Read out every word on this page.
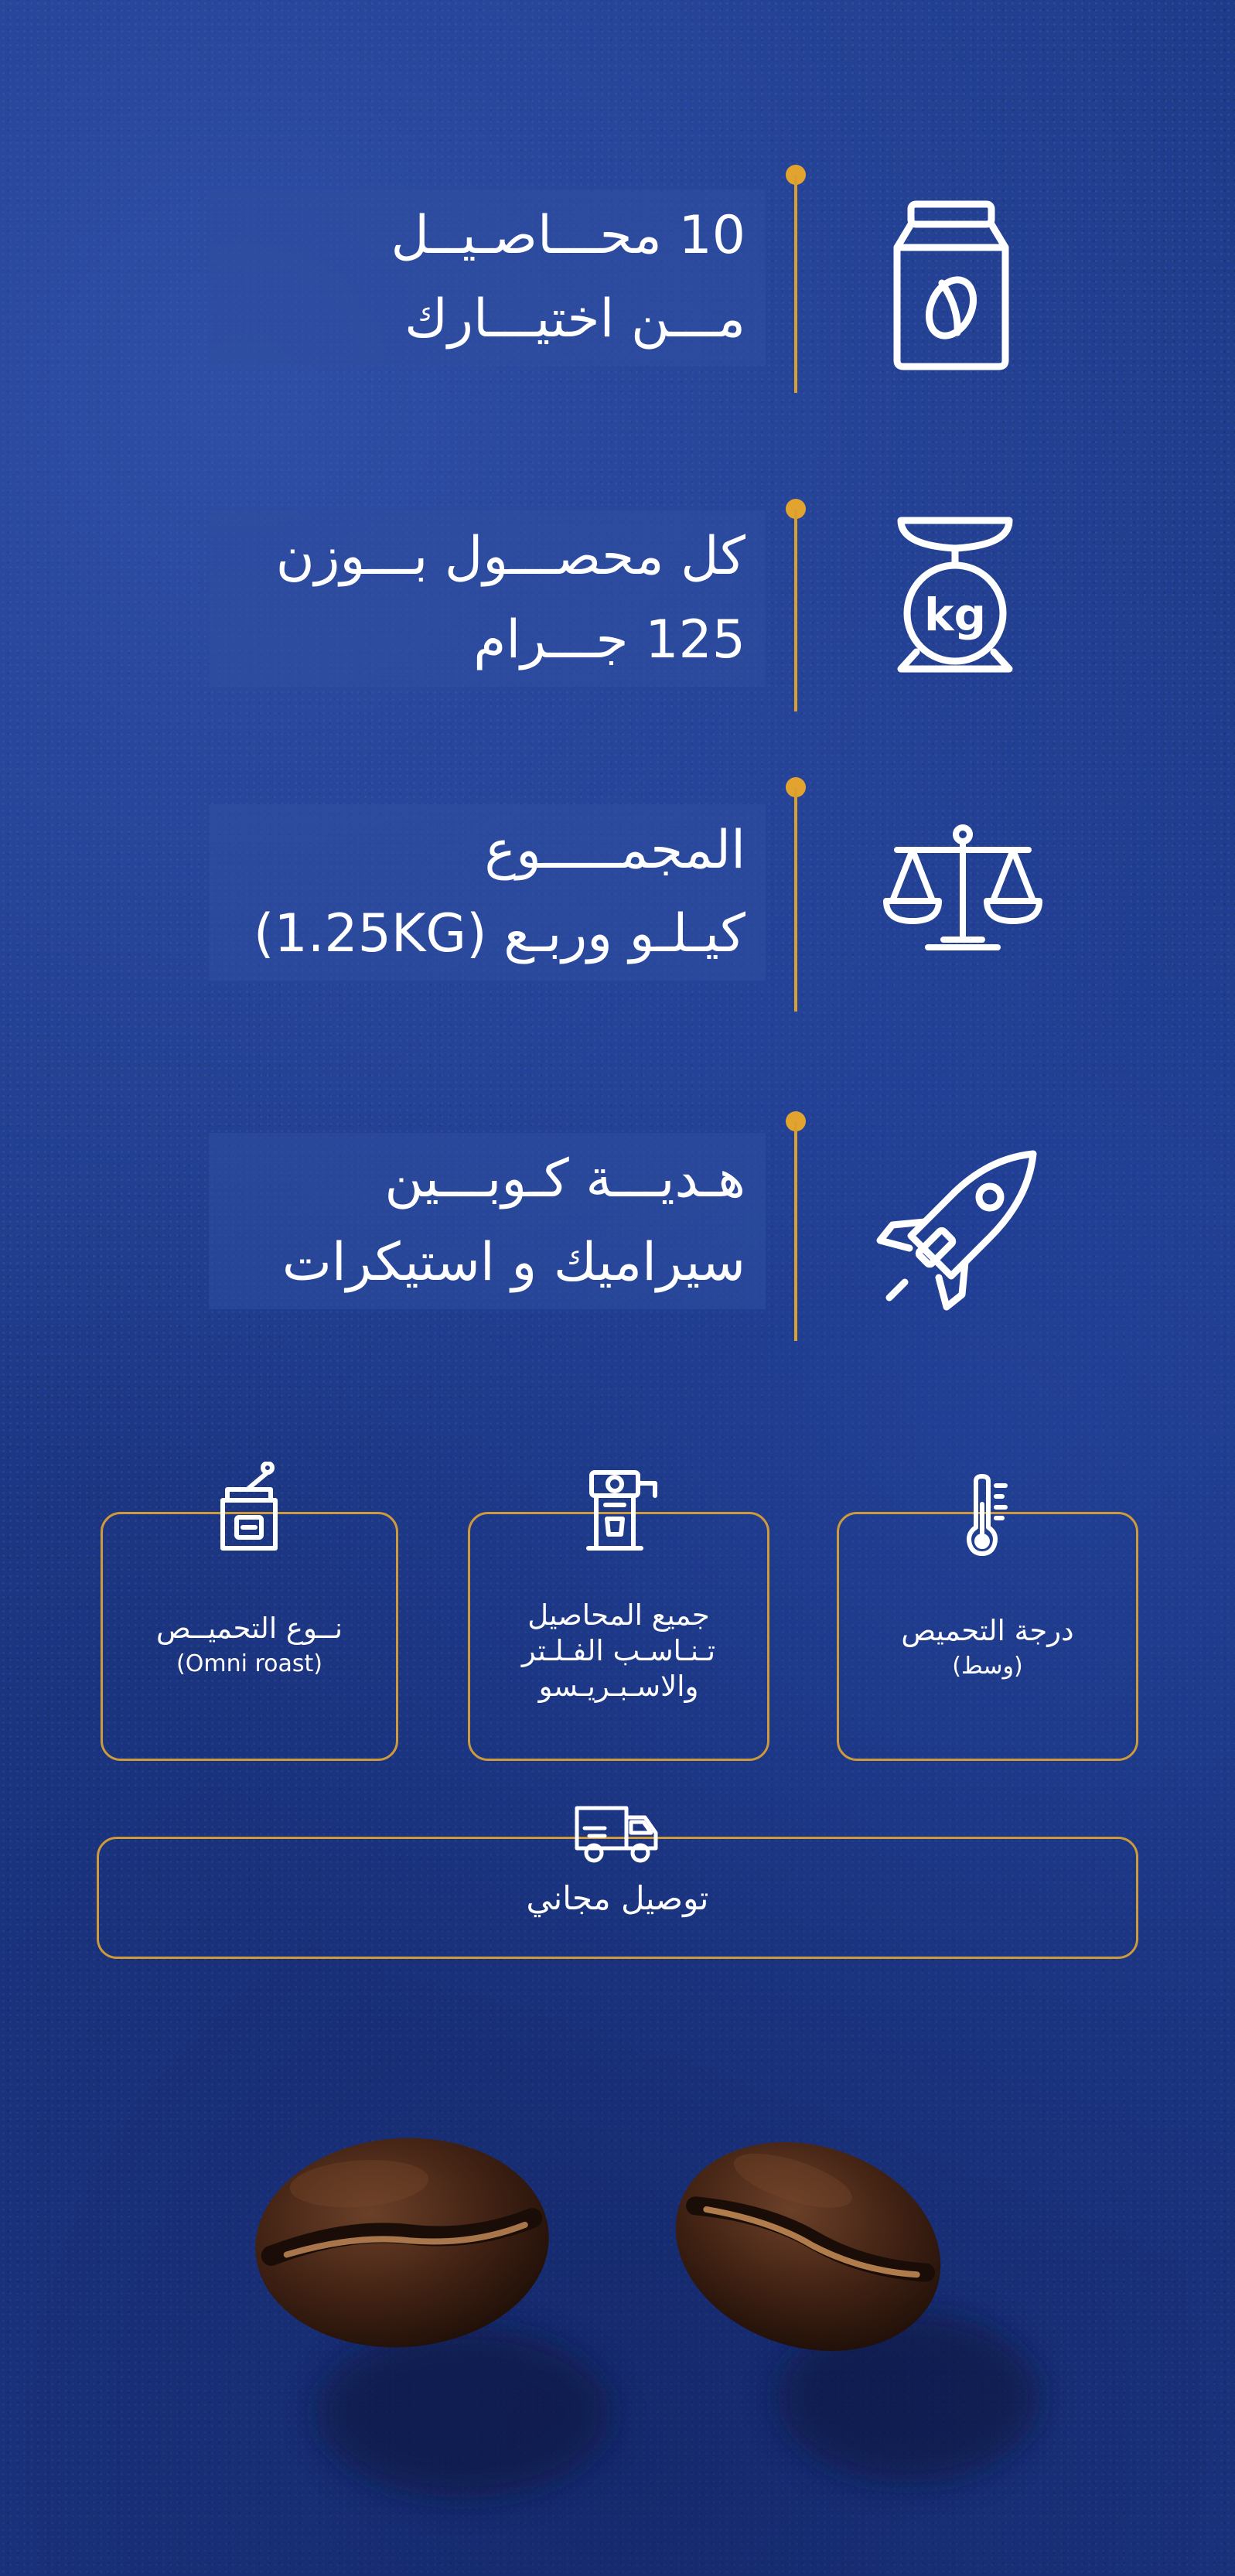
10 محـــاصـيــل
مـــن اختيـــارك
كل محصـــول بـــوزن
125 جـــرام	kg
المجمـــــوع
كيـلـو وربـع (1.25KG)
هـديـــة كـوبـــين
سيراميك و استيكرات
نــوع التحميــص
(Omni roast)
جميع المحاصيل
تـنـاسـب الفـلـتر
والاسـبـريـسو
درجة التحميص
(وسط)
توصيل مجاني
